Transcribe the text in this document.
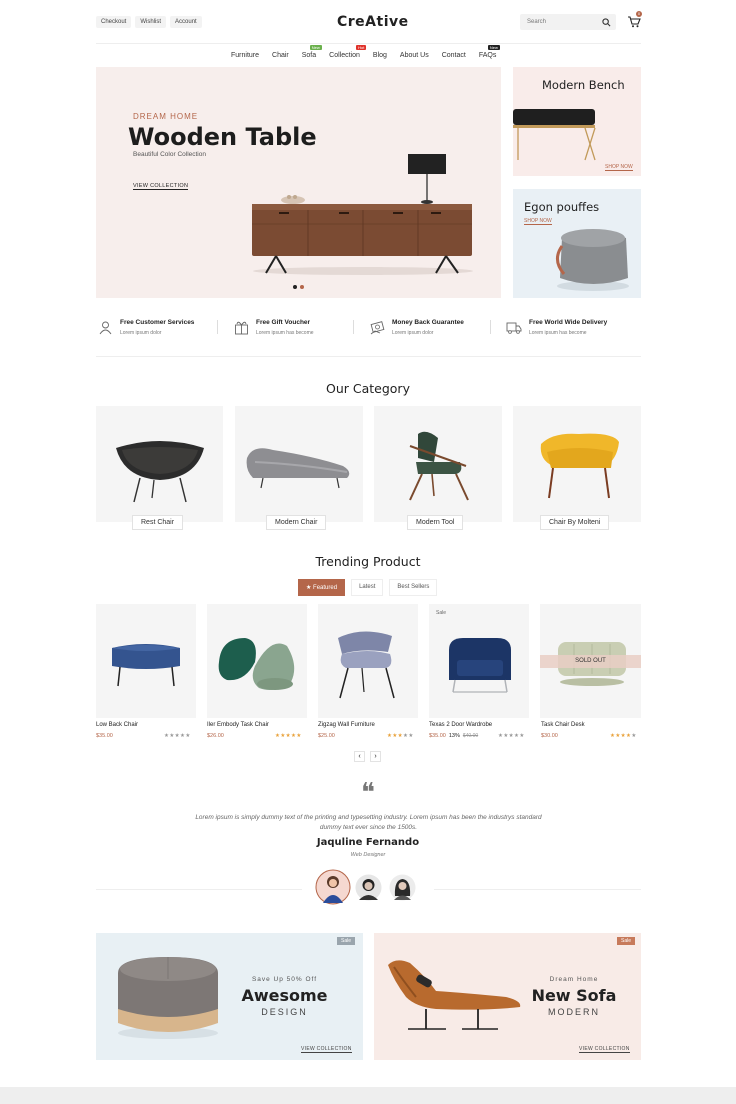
Checkout	Wishlist	Account	CreAtive	Search
0
Furniture Chair Sofa
New
Collection
Hot
Blog About Us Contact FAQs
New
DREAM HOME
Wooden Table
Beautiful Color Collection
VIEW COLLECTION
Modern Bench
SHOP NOW
Egon pouffes
SHOP NOW
Free Customer Services
Lorem ipsum dolor
Free Gift Voucher
Lorem ipsum has become
Money Back Guarantee
Lorem ipsum dolor
Free World Wide Delivery
Lorem ipsum has become
Our Category
Rest Chair	Modern Chair	Modern Tool	Chair By Molteni
Trending Product
★ Featured	Latest	Best Sellers
Low Back Chair
$35.00	★★★★★
Iler Embody Task Chair
$26.00	★★★★★
Zigzag Wall Furniture
$25.00	★★★★★
Sale
Texas 2 Door Wardrobe
$35.00 13% $40.00	★★★★★
SOLD OUT
Task Chair Desk
$30.00	★★★★★
‹	›
❝
Lorem ipsum is simply dummy text of the printing and typesetting industry. Lorem ipsum has been the industrys standard
dummy text ever since the 1500s.
Jaquline Fernando
Web Designer
Sale
Save Up 50% Off
Awesome
DESIGN
VIEW COLLECTION
Sale
Dream Home
New Sofa
MODERN
VIEW COLLECTION
